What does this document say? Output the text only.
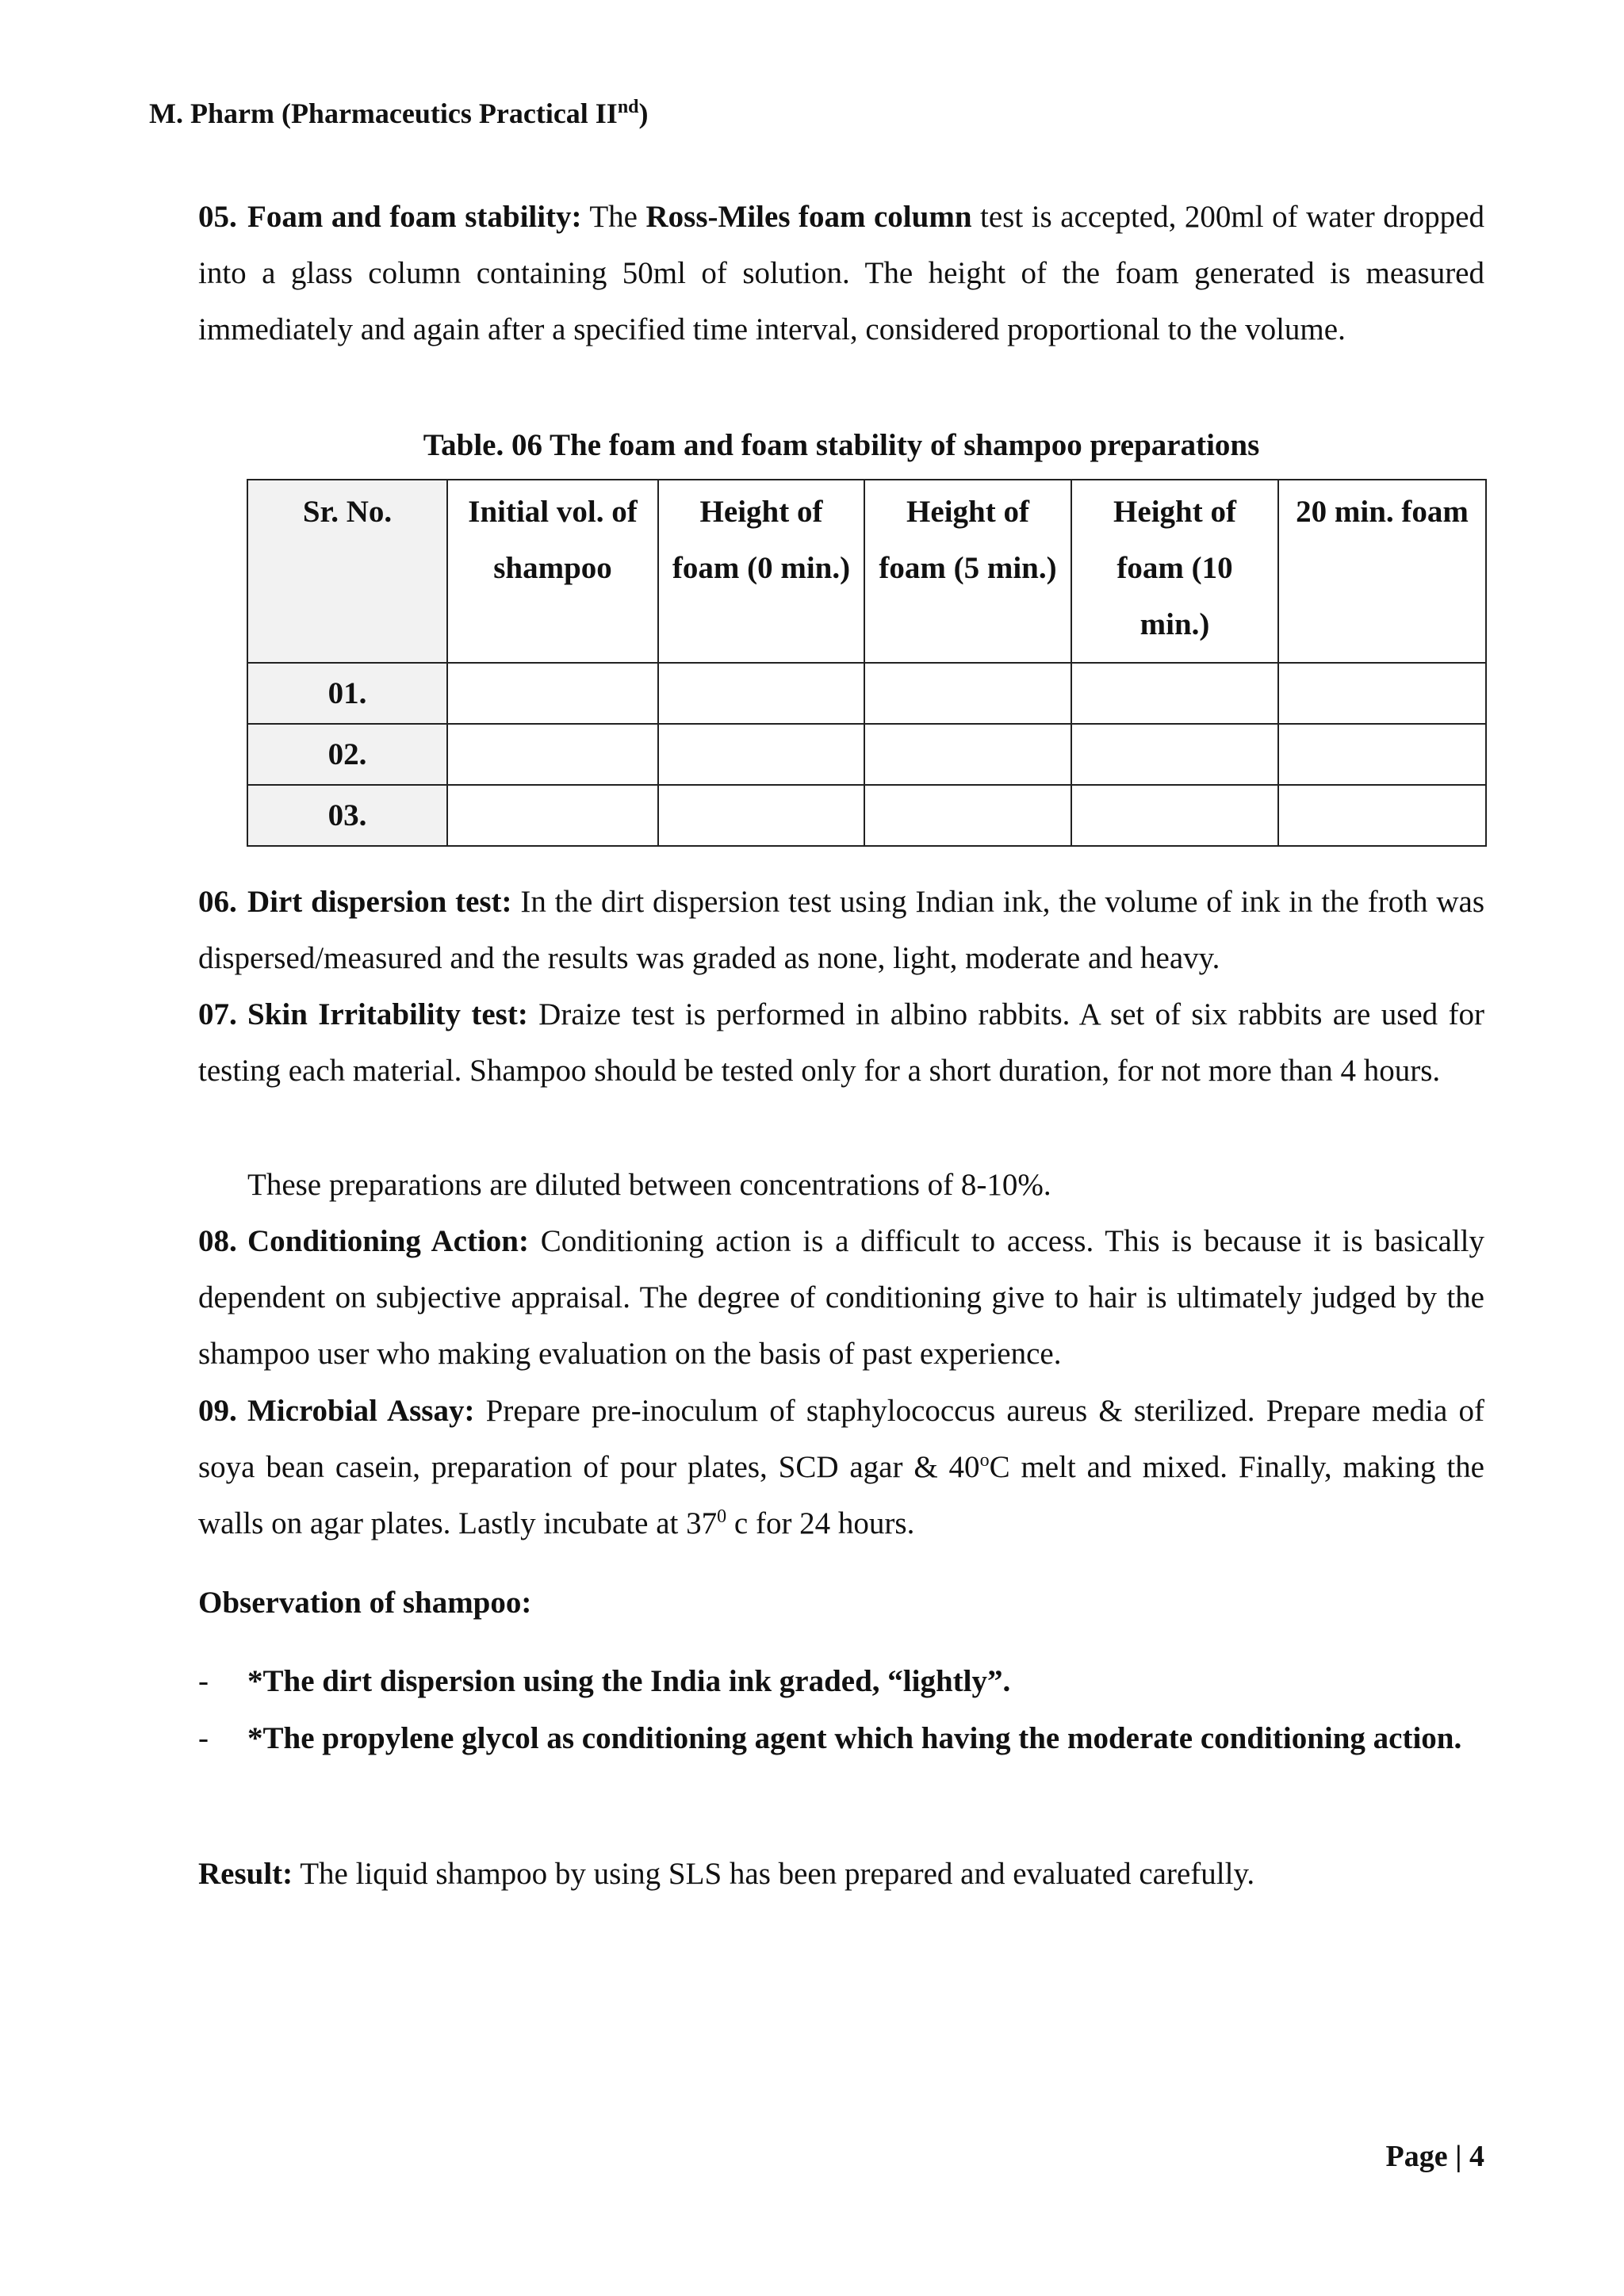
M. Pharm (Pharmaceutics Practical IInd)

05. Foam and foam stability: The Ross-Miles foam column test is accepted, 200ml of water dropped into a glass column containing 50ml of solution. The height of the foam generated is measured immediately and again after a specified time interval, considered proportional to the volume.

Table. 06 The foam and foam stability of shampoo preparations
Sr. No.	Initial vol. of shampoo	Height of foam (0 min.)	Height of foam (5 min.)	Height of foam (10 min.)	20 min. foam
01.					
02.					
03.					

06. Dirt dispersion test: In the dirt dispersion test using Indian ink, the volume of ink in the froth was dispersed/measured and the results was graded as none, light, moderate and heavy.

07. Skin Irritability test: Draize test is performed in albino rabbits. A set of six rabbits are used for testing each material. Shampoo should be tested only for a short duration, for not more than 4 hours.

These preparations are diluted between concentrations of 8-10%.

08. Conditioning Action: Conditioning action is a difficult to access. This is because it is basically dependent on subjective appraisal. The degree of conditioning give to hair is ultimately judged by the shampoo user who making evaluation on the basis of past experience.

09. Microbial Assay: Prepare pre-inoculum of staphylococcus aureus & sterilized. Prepare media of soya bean casein, preparation of pour plates, SCD agar & 40$^o$C melt and mixed. Finally, making the walls on agar plates. Lastly incubate at $37^0$ c for 24 hours.

Observation of shampoo:

-	*The dirt dispersion using the India ink graded, “lightly”.
-	*The propylene glycol as conditioning agent which having the moderate conditioning action.

Result: The liquid shampoo by using SLS has been prepared and evaluated carefully.

Page | 4
